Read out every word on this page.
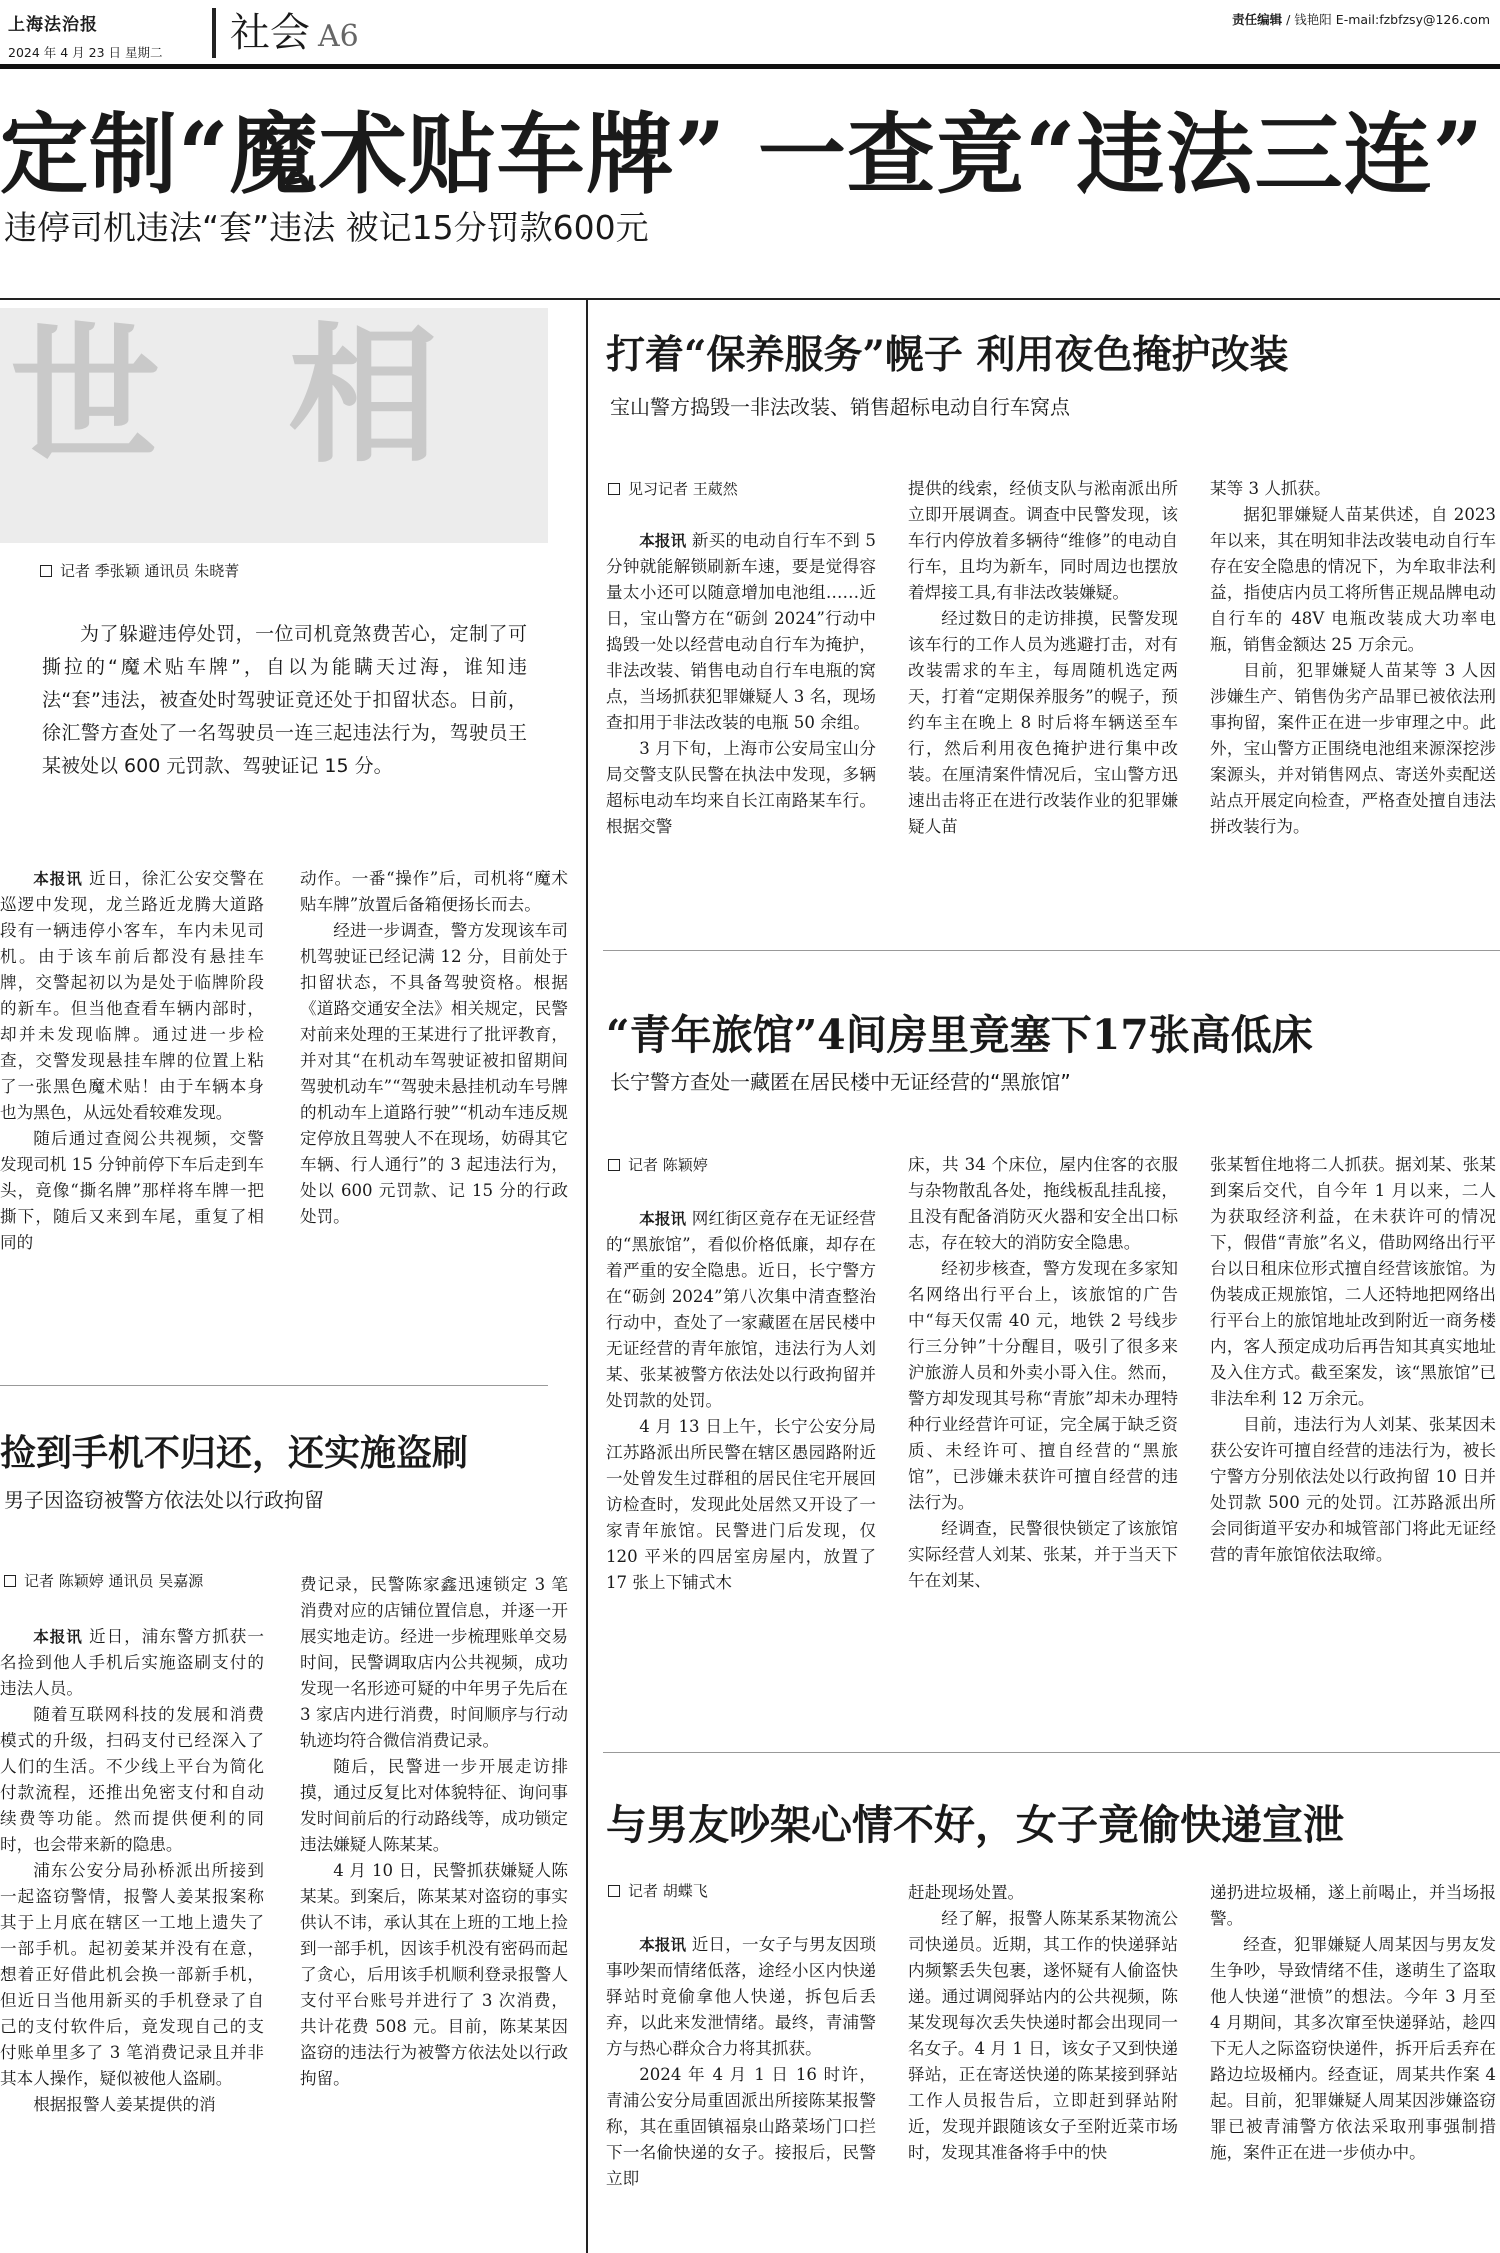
上海法治报
2024 年 4 月 23 日 星期二	社会 A6	责任编辑 / 钱艳阳 E-mail:fzbfzsy@126.com
定制“魔术贴车牌” 一查竟“违法三连”
违停司机违法“套”违法 被记15分罚款600元
世 相
记者 季张颖 通讯员 朱晓菁
为了躲避违停处罚，一位司机竟煞费苦心，定制了可撕拉的“魔术贴车牌”，自以为能瞒天过海，谁知违法“套”违法，被查处时驾驶证竟还处于扣留状态。日前，徐汇警方查处了一名驾驶员一连三起违法行为，驾驶员王某被处以 600 元罚款、驾驶证记 15 分。

本报讯 近日，徐汇公安交警在巡逻中发现，龙兰路近龙腾大道路段有一辆违停小客车，车内未见司机。由于该车前后都没有悬挂车牌，交警起初以为是处于临牌阶段的新车。但当他查看车辆内部时，却并未发现临牌。通过进一步检查，交警发现悬挂车牌的位置上粘了一张黑色魔术贴！由于车辆本身也为黑色，从远处看较难发现。

随后通过查阅公共视频，交警发现司机 15 分钟前停下车后走到车头，竟像“撕名牌”那样将车牌一把撕下，随后又来到车尾，重复了相同的

动作。一番“操作”后，司机将“魔术贴车牌”放置后备箱便扬长而去。

经进一步调查，警方发现该车司机驾驶证已经记满 12 分，目前处于扣留状态，不具备驾驶资格。根据《道路交通安全法》相关规定，民警对前来处理的王某进行了批评教育，并对其“在机动车驾驶证被扣留期间驾驶机动车”“驾驶未悬挂机动车号牌的机动车上道路行驶”“机动车违反规定停放且驾驶人不在现场，妨碍其它车辆、行人通行”的 3 起违法行为，处以 600 元罚款、记 15 分的行政处罚。

捡到手机不归还，还实施盗刷
男子因盗窃被警方依法处以行政拘留
记者 陈颖婷 通讯员 吴嘉源

本报讯 近日，浦东警方抓获一名捡到他人手机后实施盗刷支付的违法人员。

随着互联网科技的发展和消费模式的升级，扫码支付已经深入了人们的生活。不少线上平台为简化付款流程，还推出免密支付和自动续费等功能。然而提供便利的同时，也会带来新的隐患。

浦东公安分局孙桥派出所接到一起盗窃警情，报警人姜某报案称其于上月底在辖区一工地上遗失了一部手机。起初姜某并没有在意，想着正好借此机会换一部新手机，但近日当他用新买的手机登录了自己的支付软件后，竟发现自己的支付账单里多了 3 笔消费记录且并非其本人操作，疑似被他人盗刷。

根据报警人姜某提供的消

费记录，民警陈家鑫迅速锁定 3 笔消费对应的店铺位置信息，并逐一开展实地走访。经进一步梳理账单交易时间，民警调取店内公共视频，成功发现一名形迹可疑的中年男子先后在 3 家店内进行消费，时间顺序与行动轨迹均符合微信消费记录。

随后，民警进一步开展走访排摸，通过反复比对体貌特征、询问事发时间前后的行动路线等，成功锁定违法嫌疑人陈某某。

4 月 10 日，民警抓获嫌疑人陈某某。到案后，陈某某对盗窃的事实供认不讳，承认其在上班的工地上捡到一部手机，因该手机没有密码而起了贪心，后用该手机顺利登录报警人支付平台账号并进行了 3 次消费，共计花费 508 元。目前，陈某某因盗窃的违法行为被警方依法处以行政拘留。

打着“保养服务”幌子 利用夜色掩护改装
宝山警方捣毁一非法改装、销售超标电动自行车窝点
见习记者 王葳然

本报讯 新买的电动自行车不到 5 分钟就能解锁刷新车速，要是觉得容量太小还可以随意增加电池组……近日，宝山警方在“砺剑 2024”行动中捣毁一处以经营电动自行车为掩护，非法改装、销售电动自行车电瓶的窝点，当场抓获犯罪嫌疑人 3 名，现场查扣用于非法改装的电瓶 50 余组。

3 月下旬，上海市公安局宝山分局交警支队民警在执法中发现，多辆超标电动车均来自长江南路某车行。根据交警

提供的线索，经侦支队与淞南派出所立即开展调查。调查中民警发现，该车行内停放着多辆待“维修”的电动自行车，且均为新车，同时周边也摆放着焊接工具,有非法改装嫌疑。

经过数日的走访排摸，民警发现该车行的工作人员为逃避打击，对有改装需求的车主，每周随机选定两天，打着“定期保养服务”的幌子，预约车主在晚上 8 时后将车辆送至车行，然后利用夜色掩护进行集中改装。在厘清案件情况后，宝山警方迅速出击将正在进行改装作业的犯罪嫌疑人苗

某等 3 人抓获。

据犯罪嫌疑人苗某供述，自 2023 年以来，其在明知非法改装电动自行车存在安全隐患的情况下，为牟取非法利益，指使店内员工将所售正规品牌电动自行车的 48V 电瓶改装成大功率电瓶，销售金额达 25 万余元。

目前，犯罪嫌疑人苗某等 3 人因涉嫌生产、销售伪劣产品罪已被依法刑事拘留，案件正在进一步审理之中。此外，宝山警方正围绕电池组来源深挖涉案源头，并对销售网点、寄送外卖配送站点开展定向检查，严格查处擅自违法拼改装行为。

“青年旅馆”4间房里竟塞下17张高低床
长宁警方查处一藏匿在居民楼中无证经营的“黑旅馆”
记者 陈颖婷

本报讯 网红街区竟存在无证经营的“黑旅馆”，看似价格低廉，却存在着严重的安全隐患。近日，长宁警方在“砺剑 2024”第八次集中清查整治行动中，查处了一家藏匿在居民楼中无证经营的青年旅馆，违法行为人刘某、张某被警方依法处以行政拘留并处罚款的处罚。

4 月 13 日上午，长宁公安分局江苏路派出所民警在辖区愚园路附近一处曾发生过群租的居民住宅开展回访检查时，发现此处居然又开设了一家青年旅馆。民警进门后发现，仅 120 平米的四居室房屋内，放置了 17 张上下铺式木

床，共 34 个床位，屋内住客的衣服与杂物散乱各处，拖线板乱挂乱接，且没有配备消防灭火器和安全出口标志，存在较大的消防安全隐患。

经初步核查，警方发现在多家知名网络出行平台上，该旅馆的广告中“每天仅需 40 元，地铁 2 号线步行三分钟”十分醒目，吸引了很多来沪旅游人员和外卖小哥入住。然而，警方却发现其号称“青旅”却未办理特种行业经营许可证，完全属于缺乏资质、未经许可、擅自经营的“黑旅馆”，已涉嫌未获许可擅自经营的违法行为。

经调查，民警很快锁定了该旅馆实际经营人刘某、张某，并于当天下午在刘某、

张某暂住地将二人抓获。据刘某、张某到案后交代，自今年 1 月以来，二人为获取经济利益，在未获许可的情况下，假借“青旅”名义，借助网络出行平台以日租床位形式擅自经营该旅馆。为伪装成正规旅馆，二人还特地把网络出行平台上的旅馆地址改到附近一商务楼内，客人预定成功后再告知其真实地址及入住方式。截至案发，该“黑旅馆”已非法牟利 12 万余元。

目前，违法行为人刘某、张某因未获公安许可擅自经营的违法行为，被长宁警方分别依法处以行政拘留 10 日并处罚款 500 元的处罚。江苏路派出所会同街道平安办和城管部门将此无证经营的青年旅馆依法取缔。

与男友吵架心情不好，女子竟偷快递宣泄
记者 胡蝶飞

本报讯 近日，一女子与男友因琐事吵架而情绪低落，途经小区内快递驿站时竟偷拿他人快递，拆包后丢弃，以此来发泄情绪。最终，青浦警方与热心群众合力将其抓获。

2024 年 4 月 1 日 16 时许，青浦公安分局重固派出所接陈某报警称，其在重固镇福泉山路菜场门口拦下一名偷快递的女子。接报后，民警立即

赶赴现场处置。

经了解，报警人陈某系某物流公司快递员。近期，其工作的快递驿站内频繁丢失包裹，遂怀疑有人偷盗快递。通过调阅驿站内的公共视频，陈某发现每次丢失快递时都会出现同一名女子。4 月 1 日，该女子又到快递驿站，正在寄送快递的陈某接到驿站工作人员报告后，立即赶到驿站附近，发现并跟随该女子至附近菜市场时，发现其准备将手中的快

递扔进垃圾桶，遂上前喝止，并当场报警。

经查，犯罪嫌疑人周某因与男友发生争吵，导致情绪不佳，遂萌生了盗取他人快递“泄愤”的想法。今年 3 月至 4 月期间，其多次窜至快递驿站，趁四下无人之际盗窃快递件，拆开后丢弃在路边垃圾桶内。经查证，周某共作案 4 起。目前，犯罪嫌疑人周某因涉嫌盗窃罪已被青浦警方依法采取刑事强制措施，案件正在进一步侦办中。
